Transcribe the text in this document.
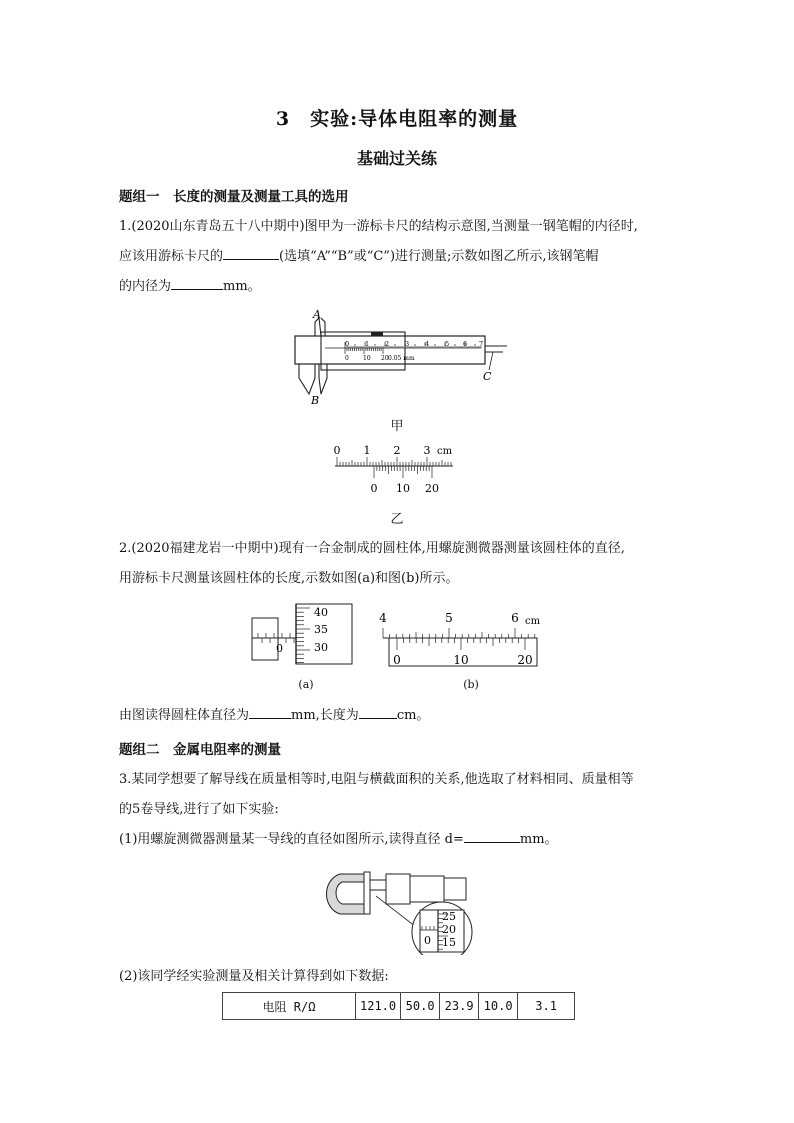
3　实验:导体电阻率的测量
基础过关练
题组一　长度的测量及测量工具的选用
1.(2020山东青岛五十八中期中)图甲为一游标卡尺的结构示意图,当测量一钢笔帽的内径时,
应该用游标卡尺的	(选填“A”“B”或“C”)进行测量;示数如图乙所示,该钢笔帽
的内径为	mm。
A
B
C
0 1 2 3 4 5 6 7
0 10 20 0.05 mm
甲
0 1 2 3 cm
0 10 20
乙
2.(2020福建龙岩一中期中)现有一合金制成的圆柱体,用螺旋测微器测量该圆柱体的直径,
用游标卡尺测量该圆柱体的长度,示数如图(a)和图(b)所示。
40
35
30
0
(a)
4	5	6 cm
0	10	20
(b)
由图读得圆柱体直径为	mm,长度为	cm。
题组二　金属电阻率的测量
3.某同学想要了解导线在质量相等时,电阻与横截面积的关系,他选取了材料相同、质量相等
的5卷导线,进行了如下实验:
(1)用螺旋测微器测量某一导线的直径如图所示,读得直径 d=	mm。
25
20
15
0
(2)该同学经实验测量及相关计算得到如下数据:
电阻 R/Ω	121.0	50.0	23.9	10.0	3.1
